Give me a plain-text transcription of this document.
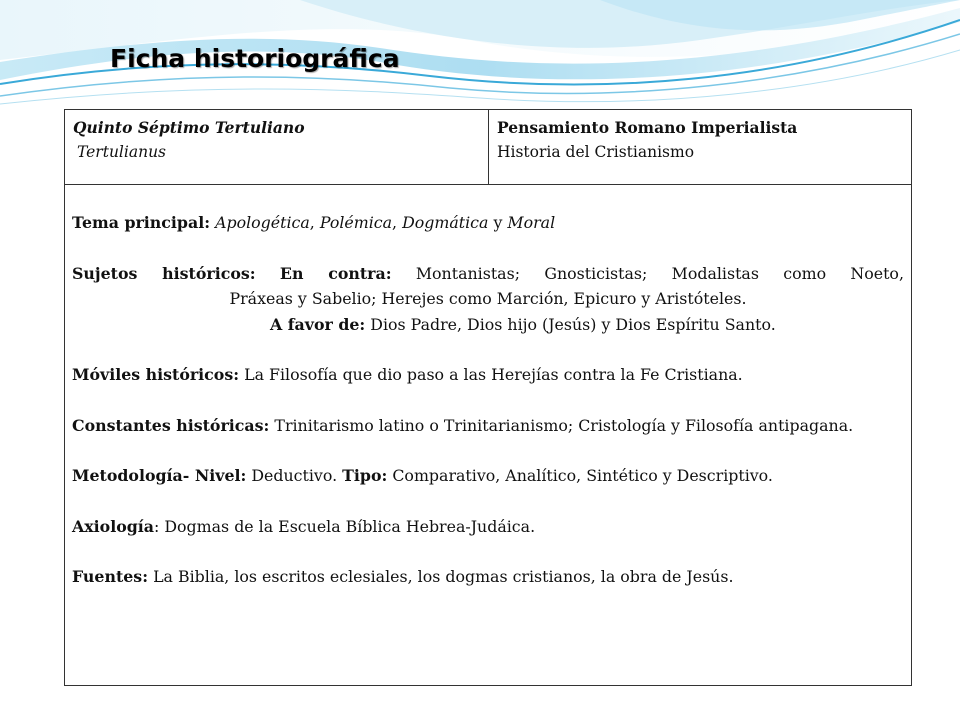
Ficha historiográfica
Quinto Séptimo Tertuliano
Tertulianus
Pensamiento Romano Imperialista
Historia del Cristianismo

Tema principal: Apologética, Polémica, Dogmática y Moral

Sujetos históricos: En contra: Montanistas; Gnosticistas; Modalistas como Noeto,

Práxeas y Sabelio; Herejes como Marción, Epicuro y Aristóteles.

A favor de: Dios Padre, Dios hijo (Jesús) y Dios Espíritu Santo.

Móviles históricos: La Filosofía que dio paso a las Herejías contra la Fe Cristiana.

Constantes históricas: Trinitarismo latino o Trinitarianismo; Cristología y Filosofía antipagana.

Metodología- Nivel: Deductivo. Tipo: Comparativo, Analítico, Sintético y Descriptivo.

Axiología: Dogmas de la Escuela Bíblica Hebrea-Judáica.

Fuentes: La Biblia, los escritos eclesiales, los dogmas cristianos, la obra de Jesús.
